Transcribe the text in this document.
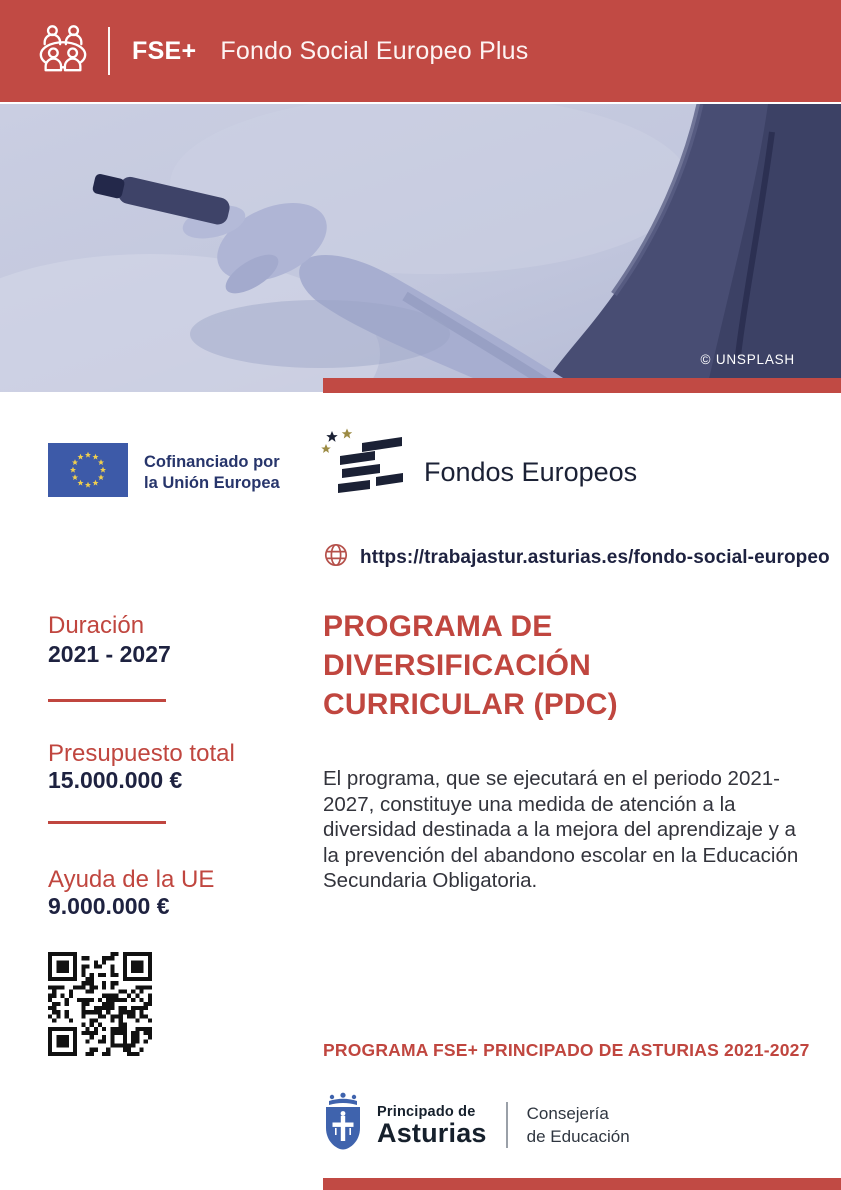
FSE+ Fondo Social Europeo Plus
© UNSPLASH
Cofinanciado por
la Unión Europea	Fondos Europeos
https://trabajastur.asturias.es/fondo-social-europeo
Duración
2021 - 2027
Presupuesto total
15.000.000 €
Ayuda de la UE
9.000.000 €
PROGRAMA DE
DIVERSIFICACIÓN
CURRICULAR (PDC)
El programa, que se ejecutará en el periodo 2021-2027, constituye una medida de atención a la diversidad destinada a la mejora del aprendizaje y a la prevención del abandono escolar en la Educación Secundaria Obligatoria.
PROGRAMA FSE+ PRINCIPADO DE ASTURIAS 2021-2027
Principado de
Asturias
Consejería
de Educación
